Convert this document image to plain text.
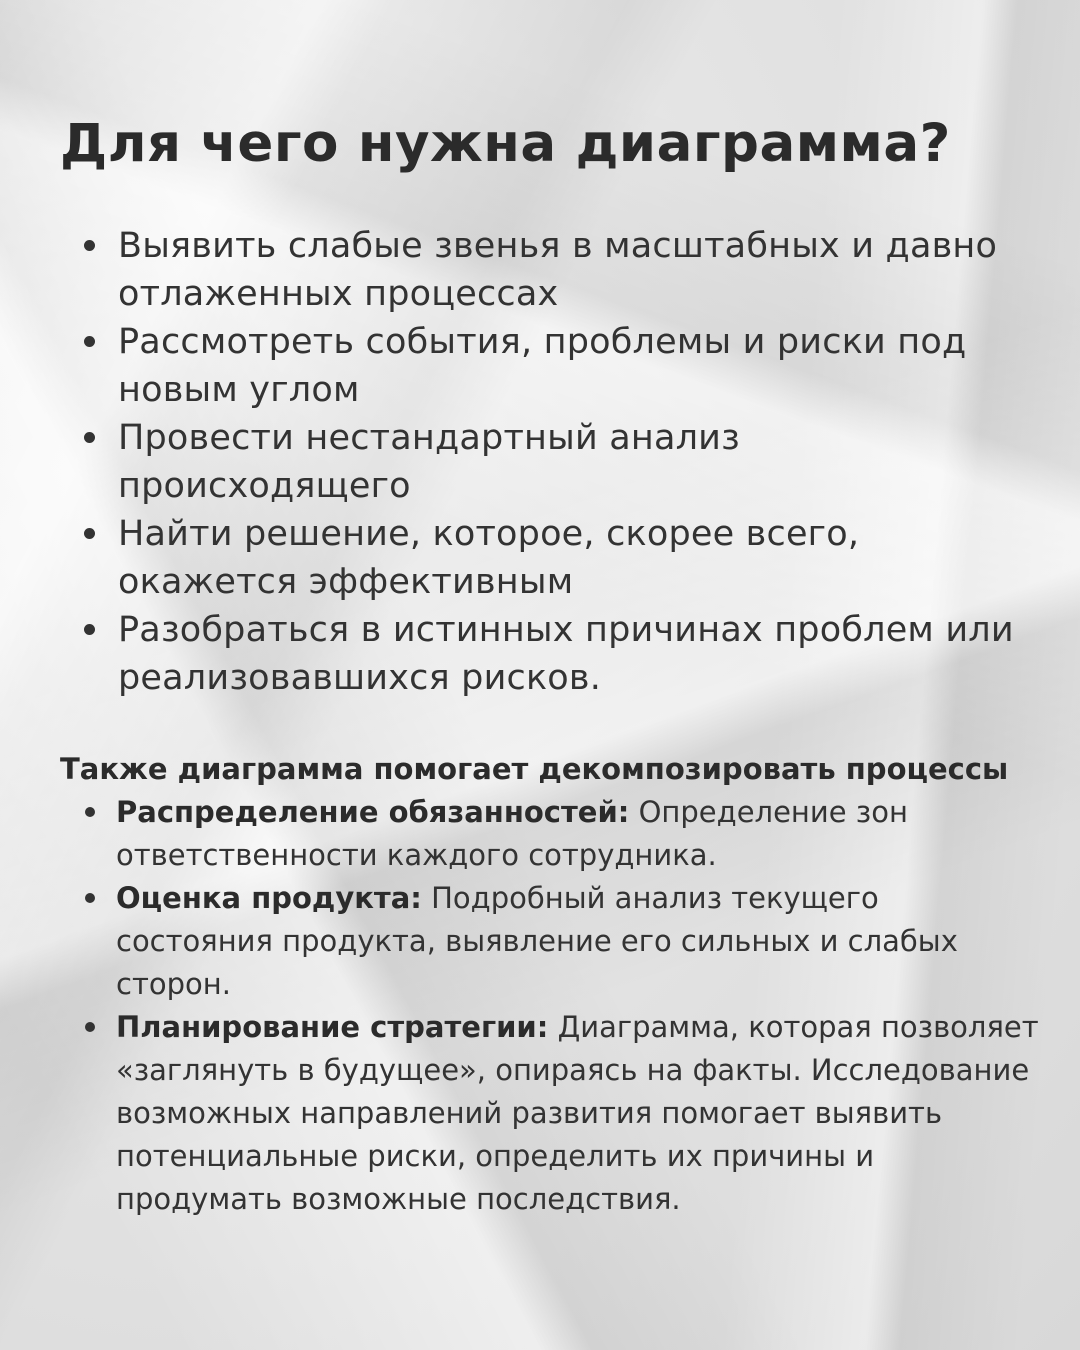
Для чего нужна диаграмма?
Выявить слабые звенья в масштабных и давно отлаженных процессах
Рассмотреть события, проблемы и риски под новым углом
Провести нестандартный анализ происходящего
Найти решение, которое, скорее всего, окажется эффективным
Разобраться в истинных причинах проблем или реализовавшихся рисков.
Также диаграмма помогает декомпозировать процессы
Распределение обязанностей: Определение зон ответственности каждого сотрудника.
Оценка продукта: Подробный анализ текущего состояния продукта, выявление его сильных и слабых сторон.
Планирование стратегии: Диаграмма, которая позволяет «заглянуть в будущее», опираясь на факты. Исследование возможных направлений развития помогает выявить потенциальные риски, определить их причины и продумать возможные последствия.
